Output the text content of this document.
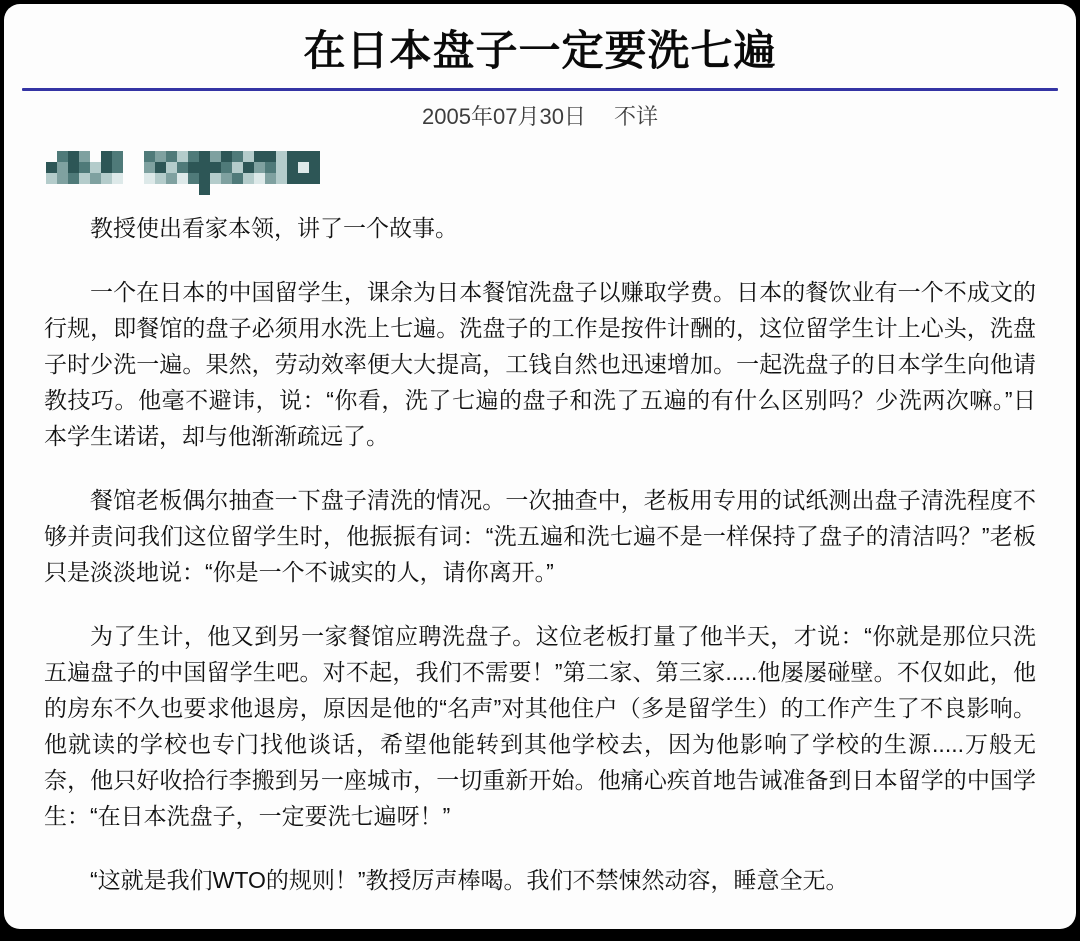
在日本盘子一定要洗七遍
2005年07月30日 不详

教授使出看家本领，讲了一个故事。

一个在日本的中国留学生，课余为日本餐馆洗盘子以赚取学费。日本的餐饮业有一个不成文的行规，即餐馆的盘子必须用水洗上七遍。洗盘子的工作是按件计酬的，这位留学生计上心头，洗盘子时少洗一遍。果然，劳动效率便大大提高，工钱自然也迅速增加。一起洗盘子的日本学生向他请教技巧。他毫不避讳，说：“你看，洗了七遍的盘子和洗了五遍的有什么区别吗？少洗两次嘛。”日本学生诺诺，却与他渐渐疏远了。

餐馆老板偶尔抽查一下盘子清洗的情况。一次抽查中，老板用专用的试纸测出盘子清洗程度不够并责问我们这位留学生时，他振振有词：“洗五遍和洗七遍不是一样保持了盘子的清洁吗？”老板只是淡淡地说：“你是一个不诚实的人，请你离开。”

为了生计，他又到另一家餐馆应聘洗盘子。这位老板打量了他半天，才说：“你就是那位只洗五遍盘子的中国留学生吧。对不起，我们不需要！”第二家、第三家.....他屡屡碰壁。不仅如此，他的房东不久也要求他退房，原因是他的“名声”对其他住户（多是留学生）的工作产生了不良影响。他就读的学校也专门找他谈话，希望他能转到其他学校去，因为他影响了学校的生源.....万般无奈，他只好收拾行李搬到另一座城市，一切重新开始。他痛心疾首地告诫准备到日本留学的中国学生：“在日本洗盘子，一定要洗七遍呀！”

“这就是我们WTO的规则！”教授厉声棒喝。我们不禁悚然动容，睡意全无。
